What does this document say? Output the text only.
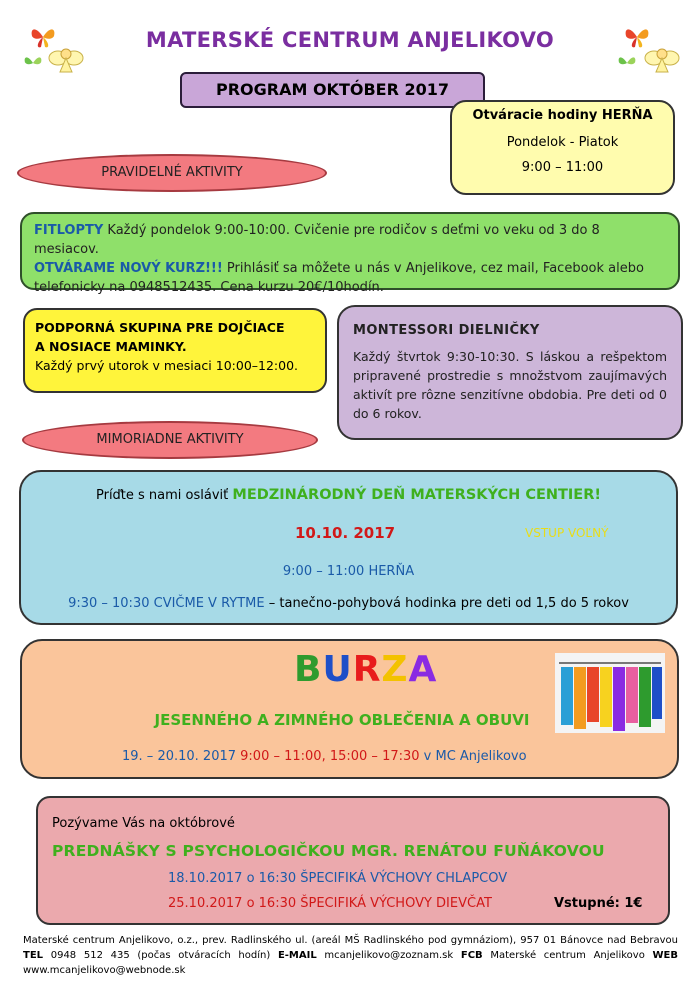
MATERSKÉ CENTRUM ANJELIKOVO
PROGRAM OKTÓBER 2017
Otváracie hodiny HERŇA
Pondelok - Piatok
9:00 – 11:00
PRAVIDELNÉ AKTIVITY
FITLOPTY Každý pondelok 9:00-10:00. Cvičenie pre rodičov s deťmi vo veku od 3 do 8 mesiacov.
OTVÁRAME NOVÝ KURZ!!! Prihlásiť sa môžete u nás v Anjelikove, cez mail, Facebook alebo telefonicky na 0948512435. Cena kurzu 20€/10hodín.
PODPORNÁ SKUPINA PRE DOJČIACE
A NOSIACE MAMINKY.
Každý prvý utorok v mesiaci 10:00–12:00.
MONTESSORI DIELNIČKY
Každý štvrtok 9:30-10:30. S láskou a rešpektom pripravené prostredie s množstvom zaujímavých aktivít pre rôzne senzitívne obdobia. Pre deti od 0 do 6 rokov.
MIMORIADNE AKTIVITY
Príďte s nami osláviť MEDZINÁRODNÝ DEŇ MATERSKÝCH CENTIER!
10.10. 2017	VSTUP VOĽNÝ
9:00 – 11:00 HERŇA
9:30 – 10:30 CVIČME V RYTME – tanečno-pohybová hodinka pre deti od 1,5 do 5 rokov
BURZA
JESENNÉHO A ZIMNÉHO OBLEČENIA A OBUVI
19. – 20.10. 2017 9:00 – 11:00, 15:00 – 17:30 v MC Anjelikovo
Pozývame Vás na októbrové
PREDNÁŠKY S PSYCHOLOGIČKOU MGR. RENÁTOU FUŇÁKOVOU
18.10.2017 o 16:30 ŠPECIFIKÁ VÝCHOVY CHLAPCOV
25.10.2017 o 16:30 ŠPECIFIKÁ VÝCHOVY DIEVČAT	Vstupné: 1€
Materské centrum Anjelikovo, o.z., prev. Radlinského ul. (areál MŠ Radlinského pod gymnáziom), 957 01 Bánovce nad Bebravou TEL 0948 512 435 (počas otváracích hodín) E-MAIL mcanjelikovo@zoznam.sk FCB Materské centrum Anjelikovo WEB www.mcanjelikovo@webnode.sk
